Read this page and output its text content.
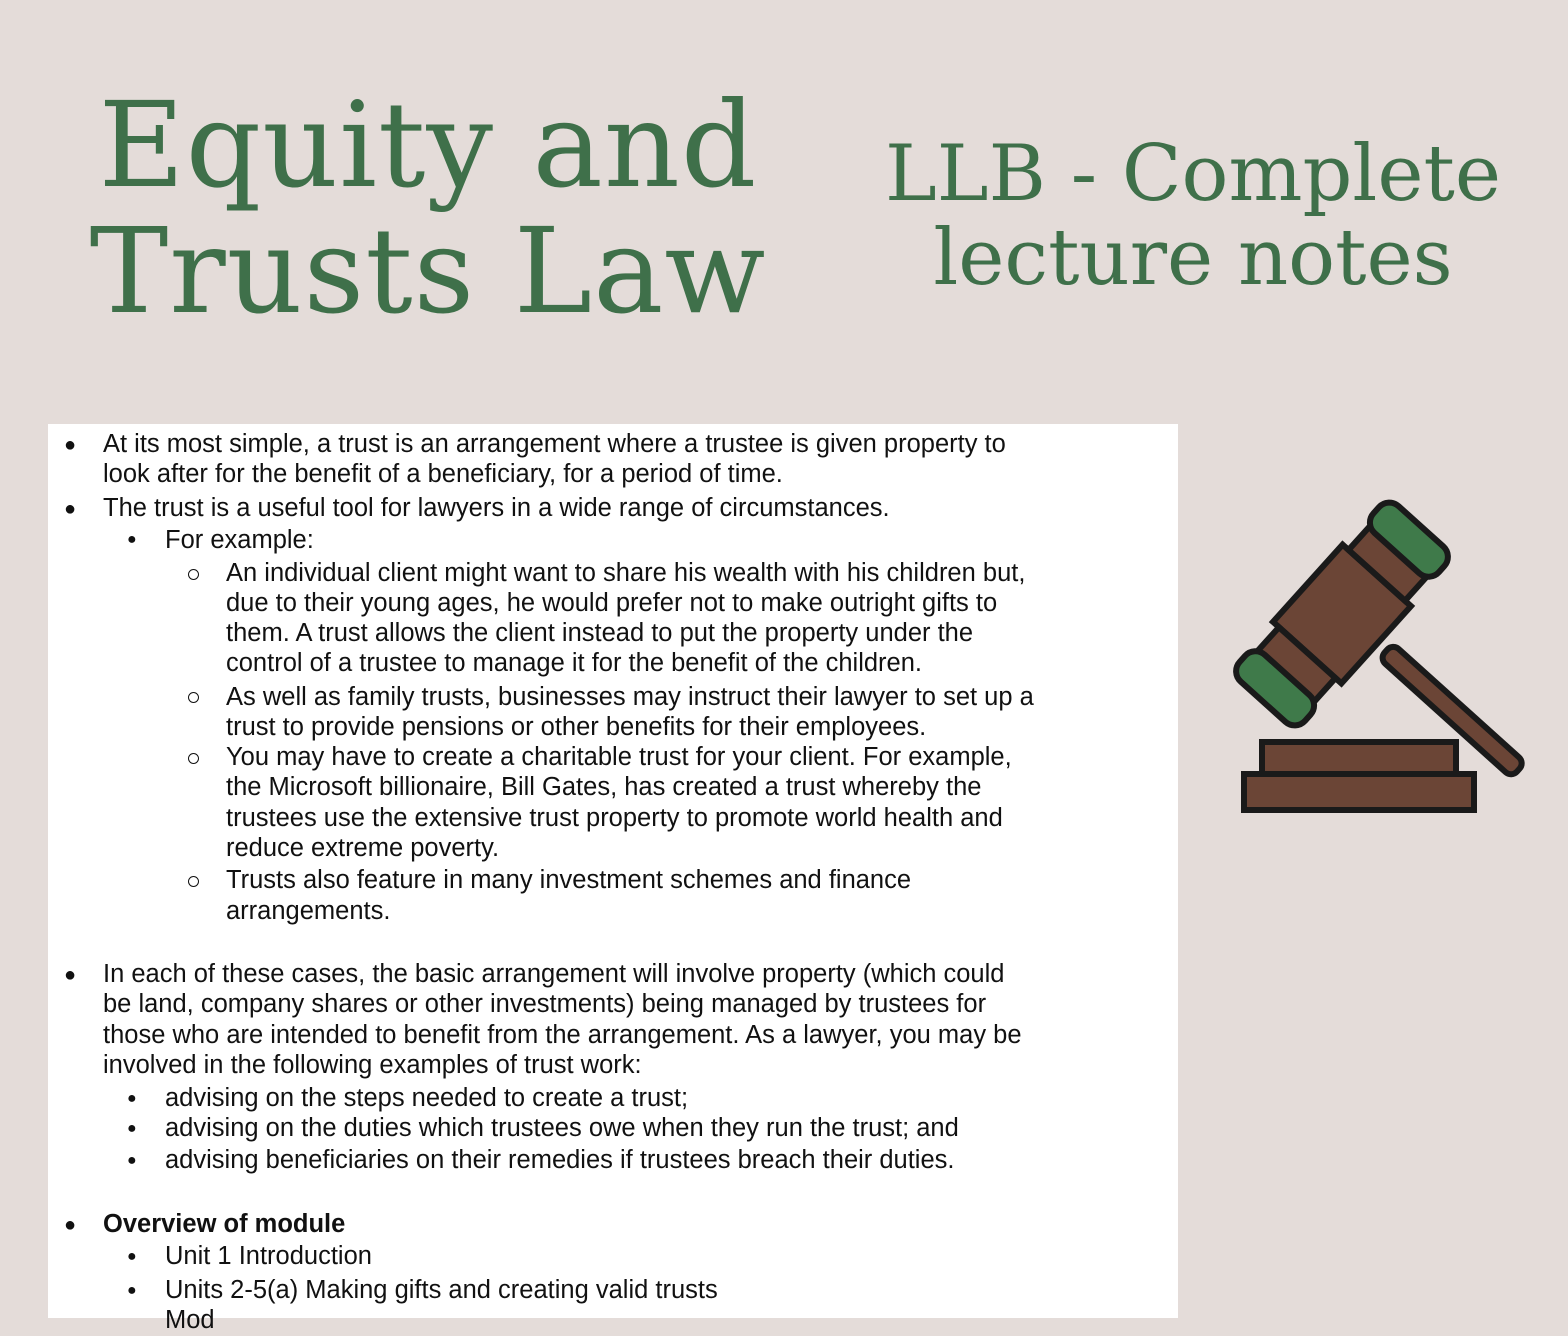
Equity and
Trusts Law
LLB - Complete
lecture notes
● At its most simple, a trust is an arrangement where a trustee is given property to
look after for the benefit of a beneficiary, for a period of time.
● The trust is a useful tool for lawyers in a wide range of circumstances.
● For example:
An individual client might want to share his wealth with his children but,
due to their young ages, he would prefer not to make outright gifts to
them. A trust allows the client instead to put the property under the
control of a trustee to manage it for the benefit of the children.
As well as family trusts, businesses may instruct their lawyer to set up a
trust to provide pensions or other benefits for their employees.
You may have to create a charitable trust for your client. For example,
the Microsoft billionaire, Bill Gates, has created a trust whereby the
trustees use the extensive trust property to promote world health and
reduce extreme poverty.
Trusts also feature in many investment schemes and finance
arrangements.
● In each of these cases, the basic arrangement will involve property (which could
be land, company shares or other investments) being managed by trustees for
those who are intended to benefit from the arrangement. As a lawyer, you may be
involved in the following examples of trust work:
● advising on the steps needed to create a trust;
● advising on the duties which trustees owe when they run the trust; and
● advising beneficiaries on their remedies if trustees breach their duties.
● Overview of module
● Unit 1 Introduction
● Units 2-5(a) Making gifts and creating valid trusts
Mod
